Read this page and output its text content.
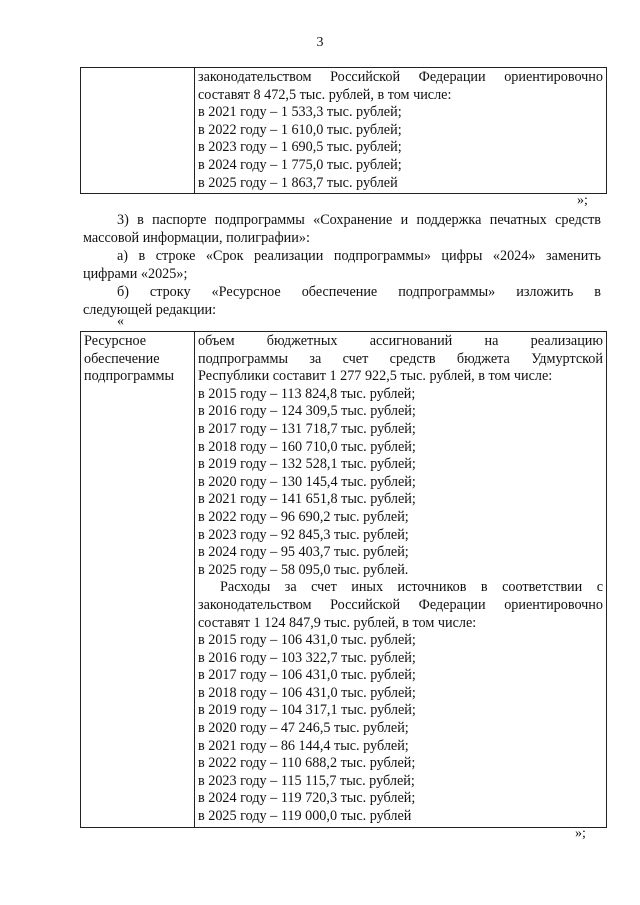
3

законодательством Российской Федерации ориентировочно
составят 8 472,5 тыс. рублей, в том числе:
в 2021 году – 1 533,3 тыс. рублей;
в 2022 году – 1 610,0 тыс. рублей;
в 2023 году – 1 690,5 тыс. рублей;
в 2024 году – 1 775,0 тыс. рублей;
в 2025 году – 1 863,7 тыс. рублей
»;
3) в паспорте подпрограммы «Сохранение и поддержка печатных средств
массовой информации, полиграфии»:
а) в строке «Срок реализации подпрограммы» цифры «2024» заменить
цифрами «2025»;
б) строку «Ресурсное обеспечение подпрограммы» изложить в
следующей редакции:
«
Ресурсное
обеспечение
подпрограммы

объем бюджетных ассигнований на реализацию
подпрограммы за счет средств бюджета Удмуртской
Республики составит 1 277 922,5 тыс. рублей, в том числе:
в 2015 году – 113 824,8 тыс. рублей;
в 2016 году – 124 309,5 тыс. рублей;
в 2017 году – 131 718,7 тыс. рублей;
в 2018 году – 160 710,0 тыс. рублей;
в 2019 году – 132 528,1 тыс. рублей;
в 2020 году – 130 145,4 тыс. рублей;
в 2021 году – 141 651,8 тыс. рублей;
в 2022 году – 96 690,2 тыс. рублей;
в 2023 году – 92 845,3 тыс. рублей;
в 2024 году – 95 403,7 тыс. рублей;
в 2025 году – 58 095,0 тыс. рублей.
Расходы за счет иных источников в соответствии с
законодательством Российской Федерации ориентировочно
составят 1 124 847,9 тыс. рублей, в том числе:
в 2015 году – 106 431,0 тыс. рублей;
в 2016 году – 103 322,7 тыс. рублей;
в 2017 году – 106 431,0 тыс. рублей;
в 2018 году – 106 431,0 тыс. рублей;
в 2019 году – 104 317,1 тыс. рублей;
в 2020 году – 47 246,5 тыс. рублей;
в 2021 году – 86 144,4 тыс. рублей;
в 2022 году – 110 688,2 тыс. рублей;
в 2023 году – 115 115,7 тыс. рублей;
в 2024 году – 119 720,3 тыс. рублей;
в 2025 году – 119 000,0 тыс. рублей
»;
